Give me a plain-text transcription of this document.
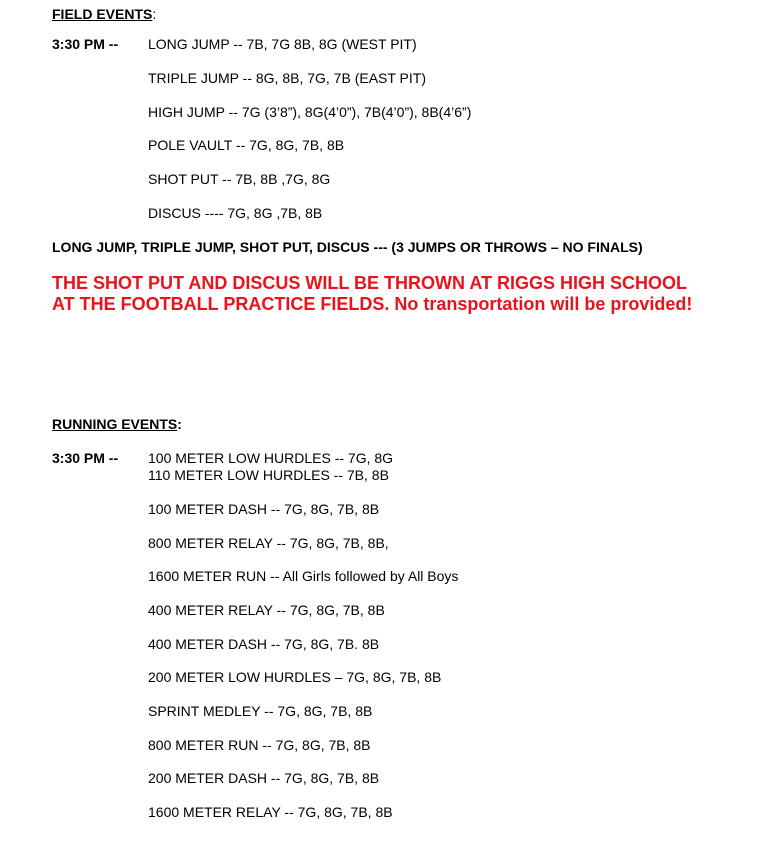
FIELD EVENTS:
3:30 PM -- LONG JUMP -- 7B, 7G 8B, 8G (WEST PIT)
TRIPLE JUMP -- 8G, 8B, 7G, 7B (EAST PIT)
HIGH JUMP -- 7G (3’8”), 8G(4’0”), 7B(4’0”), 8B(4’6”)
POLE VAULT -- 7G, 8G, 7B, 8B
SHOT PUT -- 7B, 8B ,7G, 8G
DISCUS ---- 7G, 8G ,7B, 8B
LONG JUMP, TRIPLE JUMP, SHOT PUT, DISCUS --- (3 JUMPS OR THROWS – NO FINALS)
THE SHOT PUT AND DISCUS WILL BE THROWN AT RIGGS HIGH SCHOOL
AT THE FOOTBALL PRACTICE FIELDS. No transportation will be provided!
RUNNING EVENTS:
3:30 PM -- 100 METER LOW HURDLES -- 7G, 8G
110 METER LOW HURDLES -- 7B, 8B
100 METER DASH -- 7G, 8G, 7B, 8B
800 METER RELAY -- 7G, 8G, 7B, 8B,
1600 METER RUN -- All Girls followed by All Boys
400 METER RELAY -- 7G, 8G, 7B, 8B
400 METER DASH -- 7G, 8G, 7B. 8B
200 METER LOW HURDLES – 7G, 8G, 7B, 8B
SPRINT MEDLEY -- 7G, 8G, 7B, 8B
800 METER RUN -- 7G, 8G, 7B, 8B
200 METER DASH -- 7G, 8G, 7B, 8B
1600 METER RELAY -- 7G, 8G, 7B, 8B
